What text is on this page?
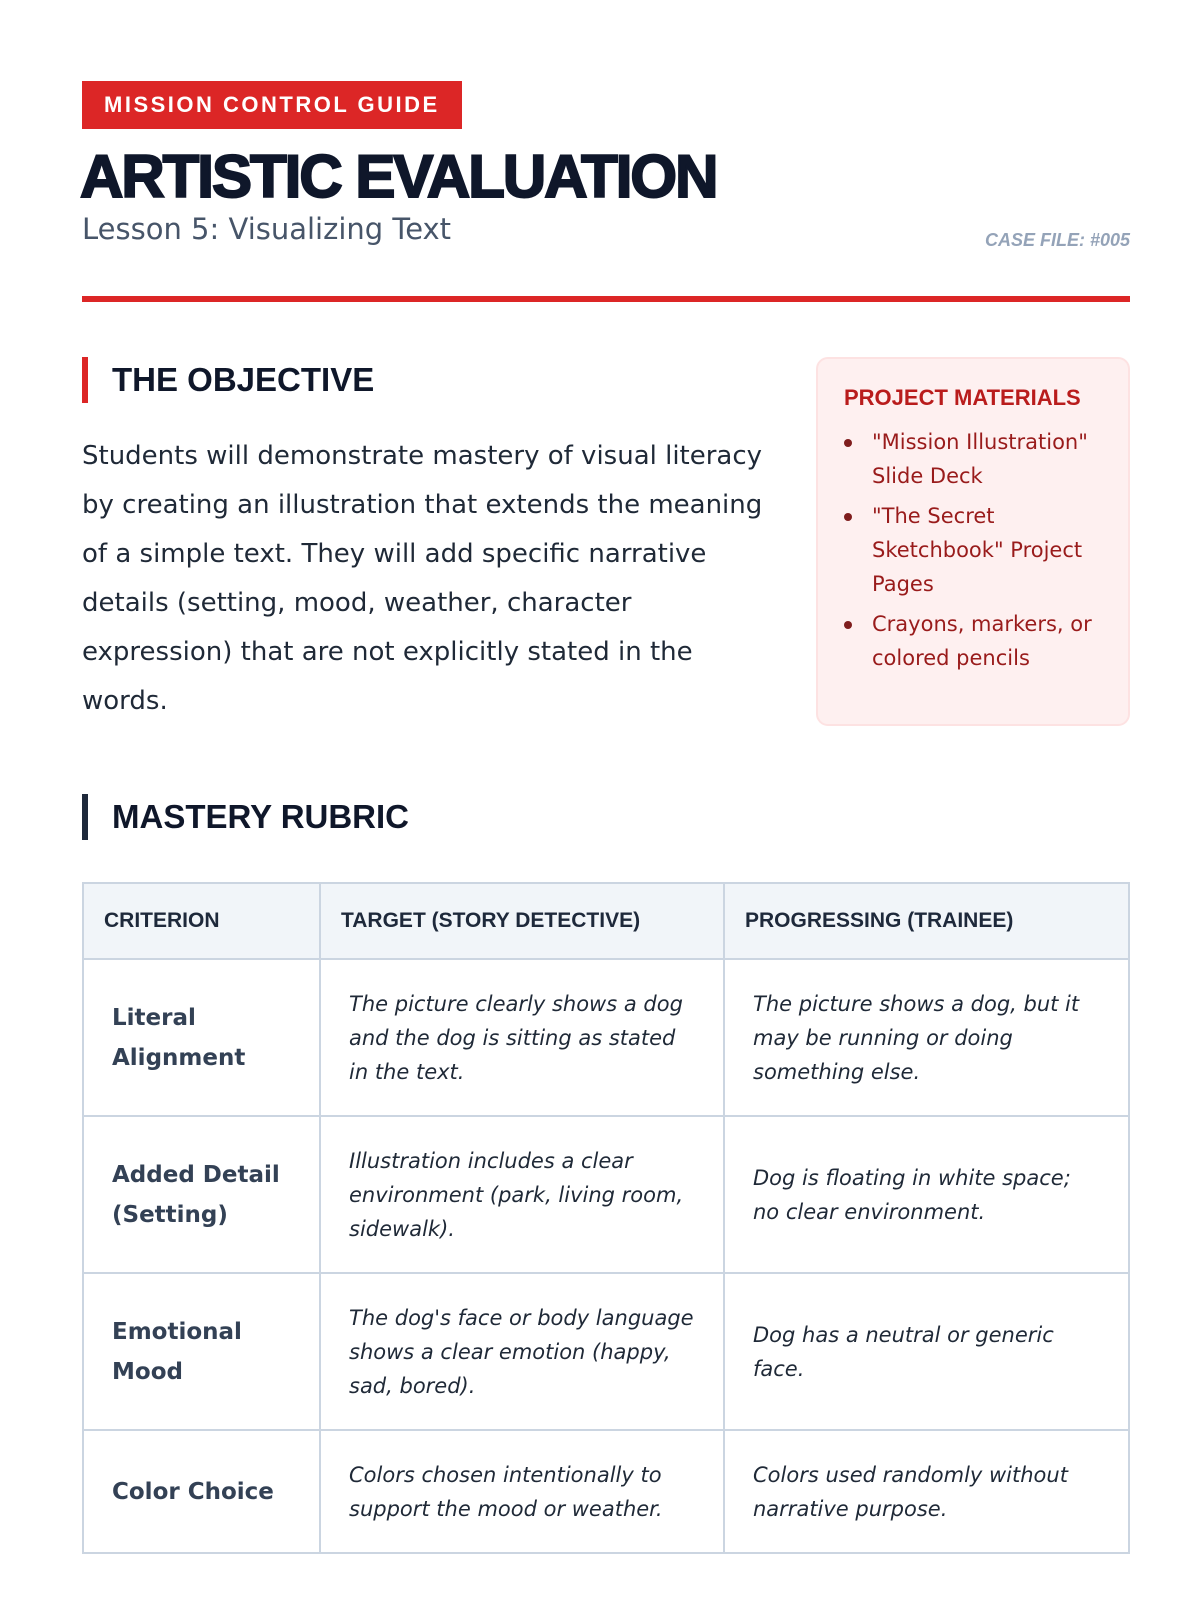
MISSION CONTROL GUIDE
ARTISTIC EVALUATION
Lesson 5: Visualizing Text	CASE FILE: #005
THE OBJECTIVE

Students will demonstrate mastery of visual literacy by creating an illustration that extends the meaning of a simple text. They will add specific narrative details (setting, mood, weather, character expression) that are not explicitly stated in the words.

PROJECT MATERIALS
"Mission Illustration" Slide Deck
"The Secret Sketchbook" Project Pages
Crayons, markers, or colored pencils
MASTERY RUBRIC
CRITERION	TARGET (STORY DETECTIVE)	PROGRESSING (TRAINEE)
Literal Alignment	The picture clearly shows a dog and the dog is sitting as stated in the text.	The picture shows a dog, but it may be running or doing something else.
Added Detail (Setting)	Illustration includes a clear environment (park, living room, sidewalk).	Dog is floating in white space; no clear environment.
Emotional Mood	The dog's face or body language shows a clear emotion (happy, sad, bored).	Dog has a neutral or generic face.
Color Choice	Colors chosen intentionally to support the mood or weather.	Colors used randomly without narrative purpose.
